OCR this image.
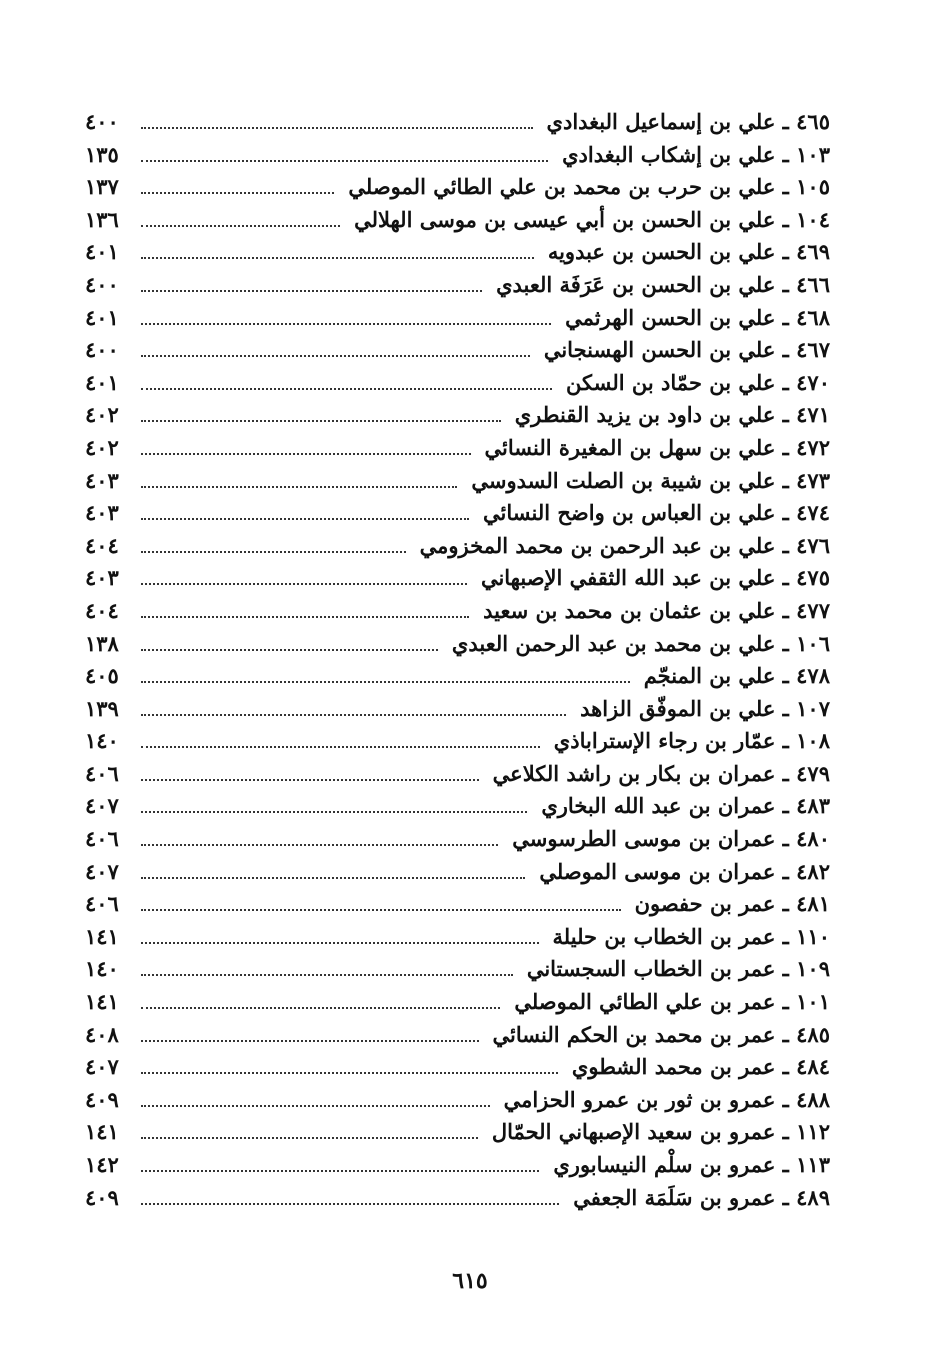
٤٦٥ ـ علي بن إسماعيل البغدادي
٤٠٠
١٠٣ ـ علي بن إشكاب البغدادي
١٣٥
١٠٥ ـ علي بن حرب بن محمد بن علي الطائي الموصلي
١٣٧
١٠٤ ـ علي بن الحسن بن أبي عيسى بن موسى الهلالي
١٣٦
٤٦٩ ـ علي بن الحسن بن عبدويه
٤٠١
٤٦٦ ـ علي بن الحسن بن عَرَفَة العبدي
٤٠٠
٤٦٨ ـ علي بن الحسن الهرثمي
٤٠١
٤٦٧ ـ علي بن الحسن الهسنجاني
٤٠٠
٤٧٠ ـ علي بن حمّاد بن السكن
٤٠١
٤٧١ ـ علي بن داود بن يزيد القنطري
٤٠٢
٤٧٢ ـ علي بن سهل بن المغيرة النسائي
٤٠٢
٤٧٣ ـ علي بن شيبة بن الصلت السدوسي
٤٠٣
٤٧٤ ـ علي بن العباس بن واضح النسائي
٤٠٣
٤٧٦ ـ علي بن عبد الرحمن بن محمد المخزومي
٤٠٤
٤٧٥ ـ علي بن عبد الله الثقفي الإصبهاني
٤٠٣
٤٧٧ ـ علي بن عثمان بن محمد بن سعيد
٤٠٤
١٠٦ ـ علي بن محمد بن عبد الرحمن العبدي
١٣٨
٤٧٨ ـ علي بن المنجّم
٤٠٥
١٠٧ ـ علي بن الموفّق الزاهد
١٣٩
١٠٨ ـ عمّار بن رجاء الإستراباذي
١٤٠
٤٧٩ ـ عمران بن بكار بن راشد الكلاعي
٤٠٦
٤٨٣ ـ عمران بن عبد الله البخاري
٤٠٧
٤٨٠ ـ عمران بن موسى الطرسوسي
٤٠٦
٤٨٢ ـ عمران بن موسى الموصلي
٤٠٧
٤٨١ ـ عمر بن حفصون
٤٠٦
١١٠ ـ عمر بن الخطاب بن حليلة
١٤١
١٠٩ ـ عمر بن الخطاب السجستاني
١٤٠
١٠١ ـ عمر بن علي الطائي الموصلي
١٤١
٤٨٥ ـ عمر بن محمد بن الحكم النسائي
٤٠٨
٤٨٤ ـ عمر بن محمد الشطوي
٤٠٧
٤٨٨ ـ عمرو بن ثور بن عمرو الحزامي
٤٠٩
١١٢ ـ عمرو بن سعيد الإصبهاني الحمّال
١٤١
١١٣ ـ عمرو بن سلْم النيسابوري
١٤٢
٤٨٩ ـ عمرو بن سَلَمَة الجعفي
٤٠٩
٦١٥
